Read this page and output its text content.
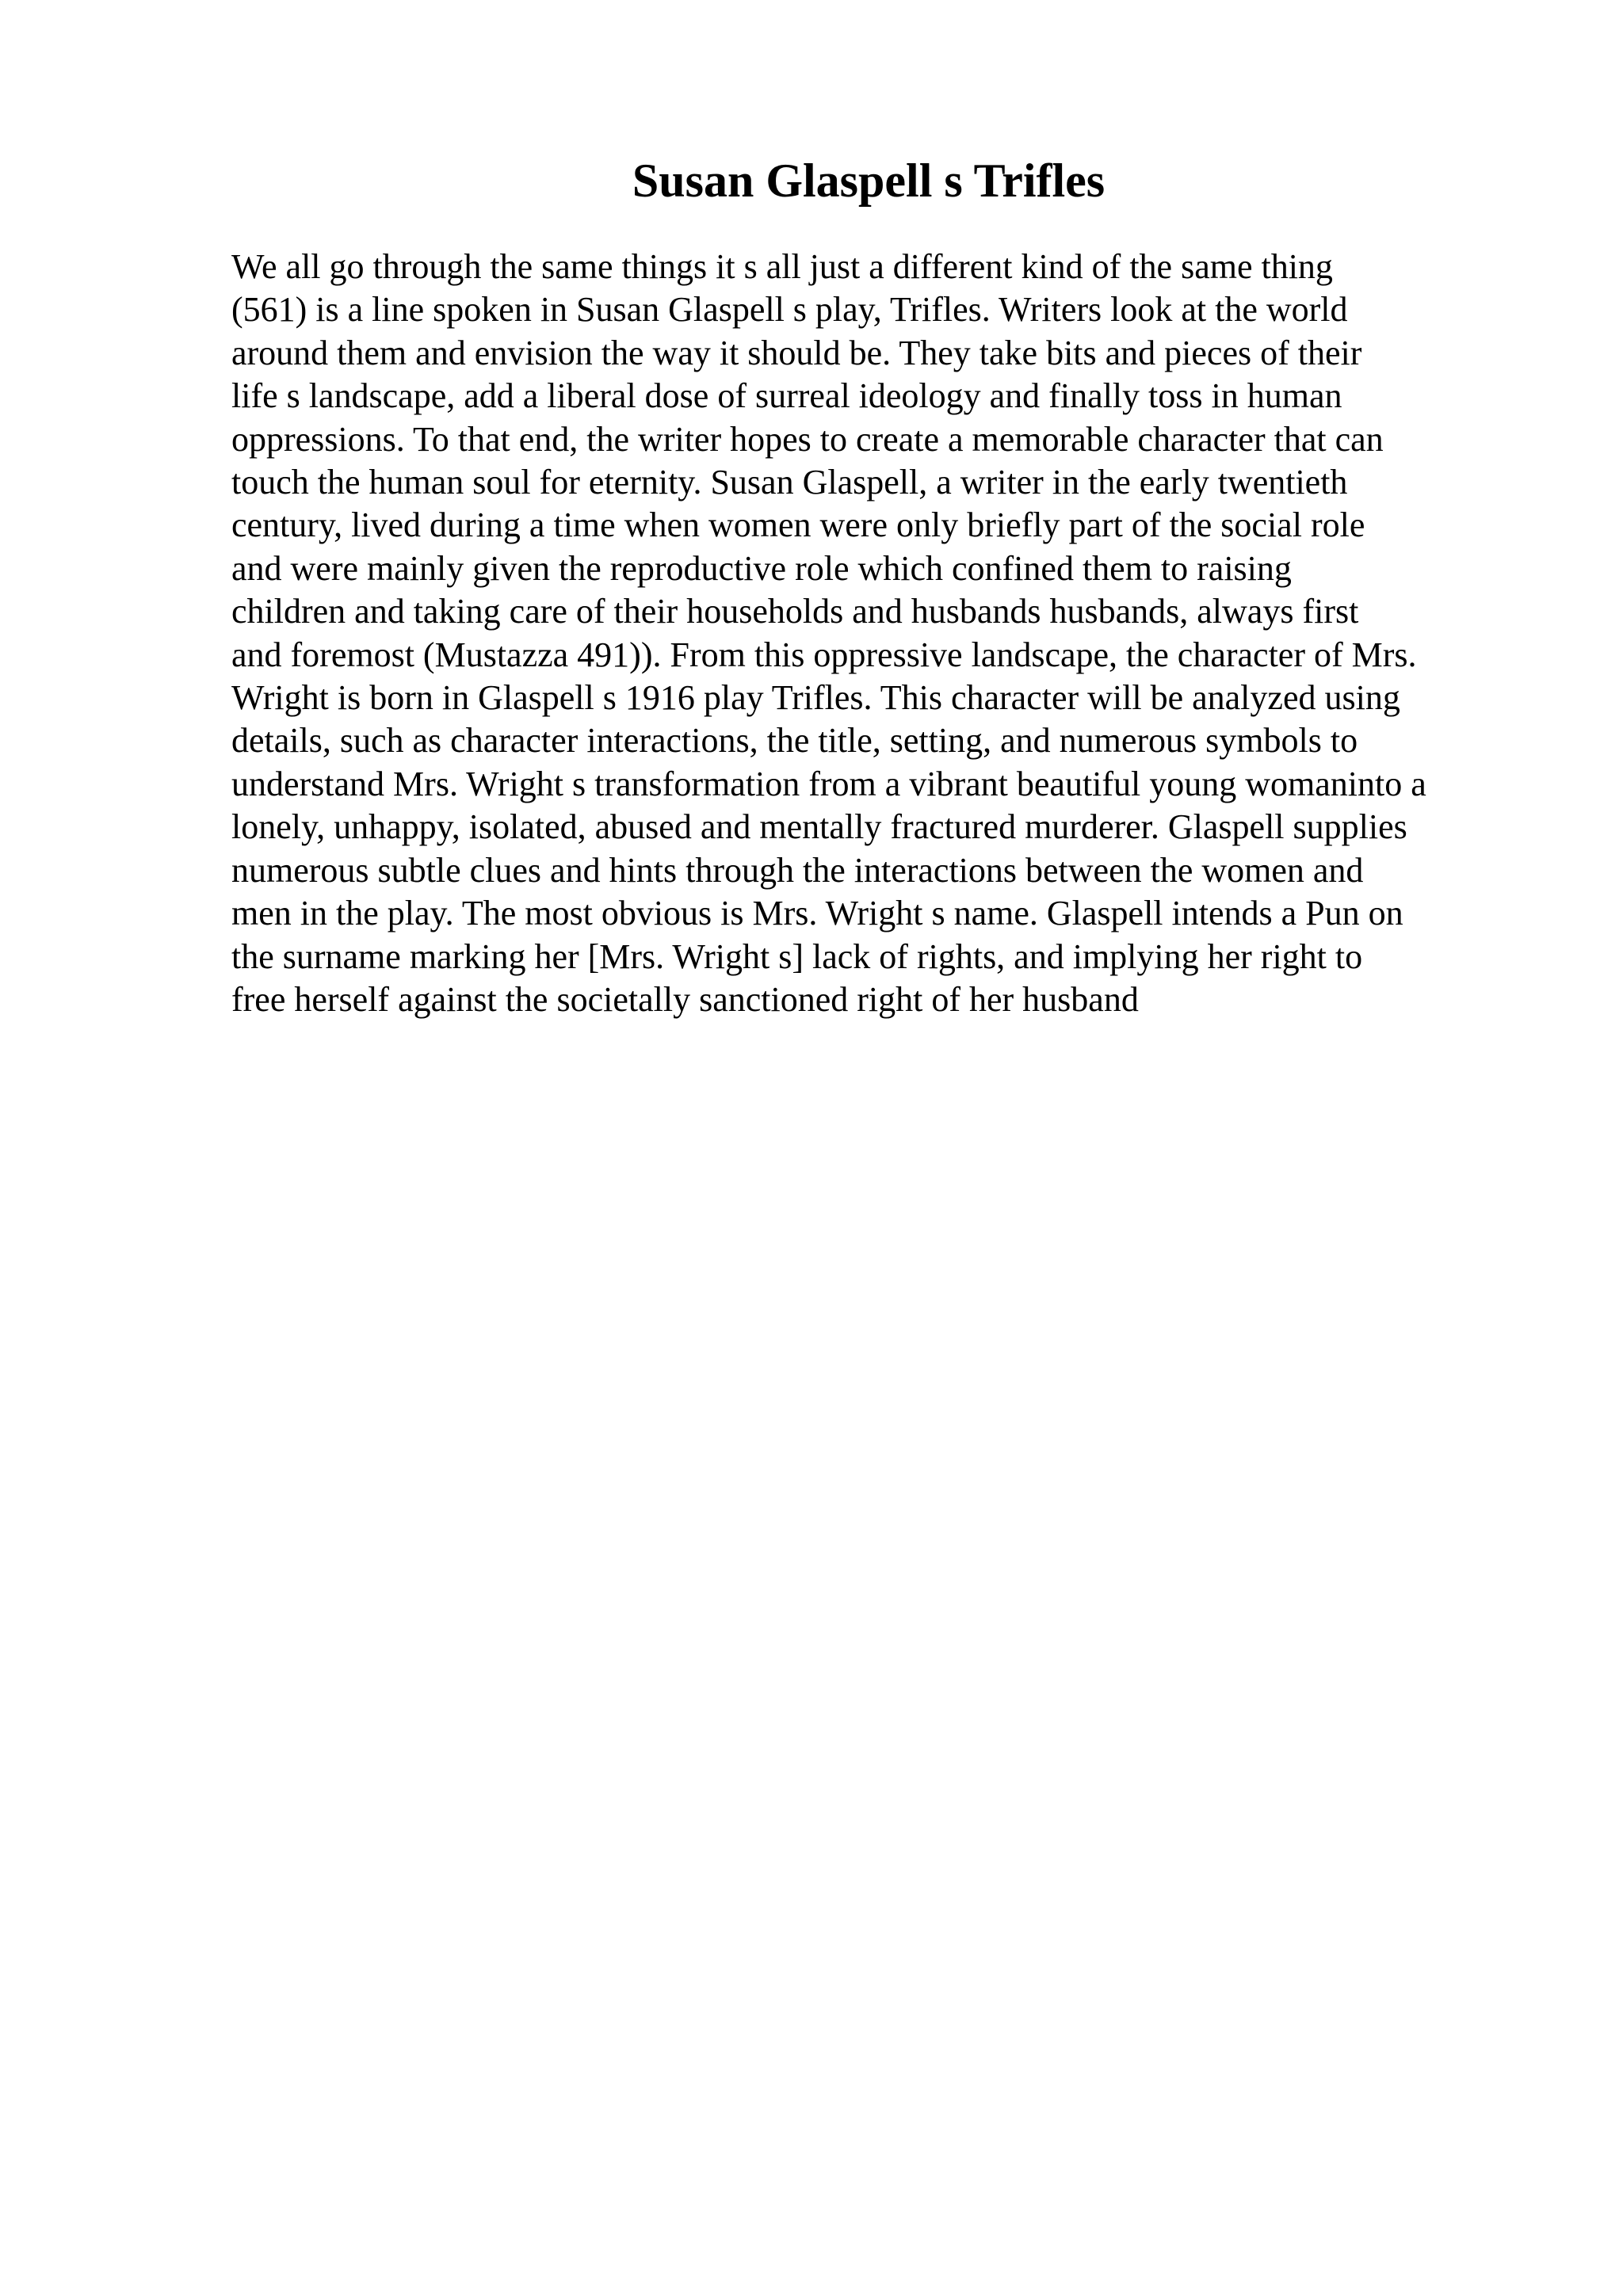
Susan Glaspell s Trifles
We all go through the same things it s all just a different kind of the same thing
(561) is a line spoken in Susan Glaspell s play, Trifles. Writers look at the world
around them and envision the way it should be. They take bits and pieces of their
life s landscape, add a liberal dose of surreal ideology and finally toss in human
oppressions. To that end, the writer hopes to create a memorable character that can
touch the human soul for eternity. Susan Glaspell, a writer in the early twentieth
century, lived during a time when women were only briefly part of the social role
and were mainly given the reproductive role which confined them to raising
children and taking care of their households and husbands husbands, always first
and foremost (Mustazza 491)). From this oppressive landscape, the character of Mrs.
Wright is born in Glaspell s 1916 play Trifles. This character will be analyzed using
details, such as character interactions, the title, setting, and numerous symbols to
understand Mrs. Wright s transformation from a vibrant beautiful young womaninto a
lonely, unhappy, isolated, abused and mentally fractured murderer. Glaspell supplies
numerous subtle clues and hints through the interactions between the women and
men in the play. The most obvious is Mrs. Wright s name. Glaspell intends a Pun on
the surname marking her [Mrs. Wright s] lack of rights, and implying her right to
free herself against the societally sanctioned right of her husband
